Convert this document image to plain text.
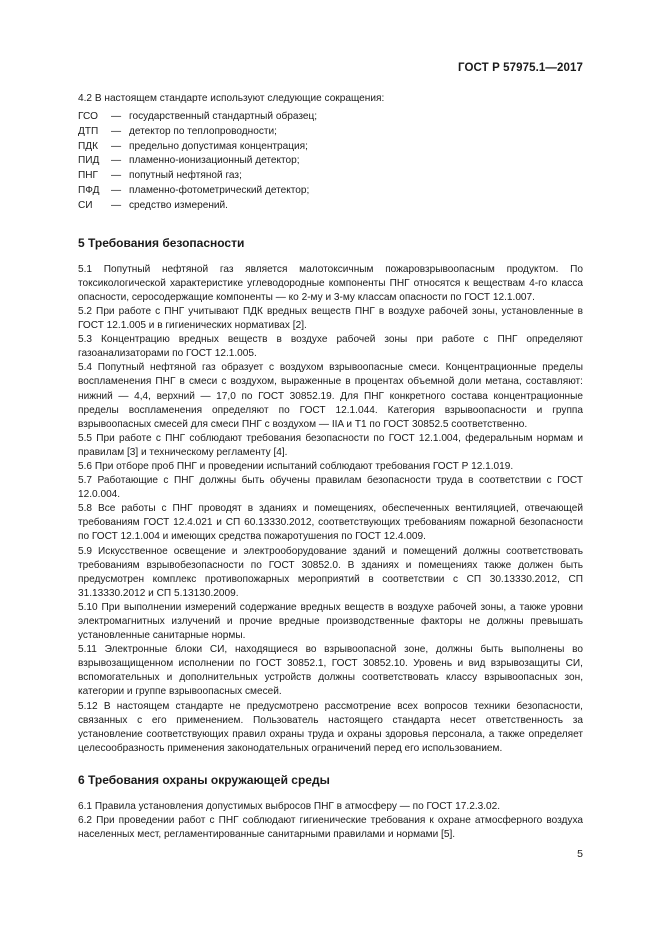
ГОСТ Р 57975.1—2017

4.2 В настоящем стандарте используют следующие сокращения:

ГСО	— государственный стандартный образец;
ДТП	— детектор по теплопроводности;
ПДК	— предельно допустимая концентрация;
ПИД	— пламенно-ионизационный детектор;
ПНГ	— попутный нефтяной газ;
ПФД	— пламенно-фотометрический детектор;
СИ	— средство измерений.
5 Требования безопасности

5.1 Попутный нефтяной газ является малотоксичным пожаровзрывоопасным продуктом. По токсикологической характеристике углеводородные компоненты ПНГ относятся к веществам 4-го класса опасности, серосодержащие компоненты — ко 2-му и 3-му классам опасности по ГОСТ 12.1.007.

5.2 При работе с ПНГ учитывают ПДК вредных веществ ПНГ в воздухе рабочей зоны, установленные в ГОСТ 12.1.005 и в гигиенических нормативах [2].

5.3 Концентрацию вредных веществ в воздухе рабочей зоны при работе с ПНГ определяют газоанализаторами по ГОСТ 12.1.005.

5.4 Попутный нефтяной газ образует с воздухом взрывоопасные смеси. Концентрационные пределы воспламенения ПНГ в смеси с воздухом, выраженные в процентах объемной доли метана, составляют: нижний — 4,4, верхний — 17,0 по ГОСТ 30852.19. Для ПНГ конкретного состава концентрационные пределы воспламенения определяют по ГОСТ 12.1.044. Категория взрывоопасности и группа взрывоопасных смесей для смеси ПНГ с воздухом — IIA и Т1 по ГОСТ 30852.5 соответственно.

5.5 При работе с ПНГ соблюдают требования безопасности по ГОСТ 12.1.004, федеральным нормам и правилам [3] и техническому регламенту [4].

5.6 При отборе проб ПНГ и проведении испытаний соблюдают требования ГОСТ Р 12.1.019.

5.7 Работающие с ПНГ должны быть обучены правилам безопасности труда в соответствии с ГОСТ 12.0.004.

5.8 Все работы с ПНГ проводят в зданиях и помещениях, обеспеченных вентиляцией, отвечающей требованиям ГОСТ 12.4.021 и СП 60.13330.2012, соответствующих требованиям пожарной безопасности по ГОСТ 12.1.004 и имеющих средства пожаротушения по ГОСТ 12.4.009.

5.9 Искусственное освещение и электрооборудование зданий и помещений должны соответствовать требованиям взрывобезопасности по ГОСТ 30852.0. В зданиях и помещениях также должен быть предусмотрен комплекс противопожарных мероприятий в соответствии с СП 30.13330.2012, СП 31.13330.2012 и СП 5.13130.2009.

5.10 При выполнении измерений содержание вредных веществ в воздухе рабочей зоны, а также уровни электромагнитных излучений и прочие вредные производственные факторы не должны превышать установленные санитарные нормы.

5.11 Электронные блоки СИ, находящиеся во взрывоопасной зоне, должны быть выполнены во взрывозащищенном исполнении по ГОСТ 30852.1, ГОСТ 30852.10. Уровень и вид взрывозащиты СИ, вспомогательных и дополнительных устройств должны соответствовать классу взрывоопасных зон, категории и группе взрывоопасных смесей.

5.12 В настоящем стандарте не предусмотрено рассмотрение всех вопросов техники безопасности, связанных с его применением. Пользователь настоящего стандарта несет ответственность за установление соответствующих правил охраны труда и охраны здоровья персонала, а также определяет целесообразность применения законодательных ограничений перед его использованием.

6 Требования охраны окружающей среды

6.1 Правила установления допустимых выбросов ПНГ в атмосферу — по ГОСТ 17.2.3.02.

6.2 При проведении работ с ПНГ соблюдают гигиенические требования к охране атмосферного воздуха населенных мест, регламентированные санитарными правилами и нормами [5].

5
